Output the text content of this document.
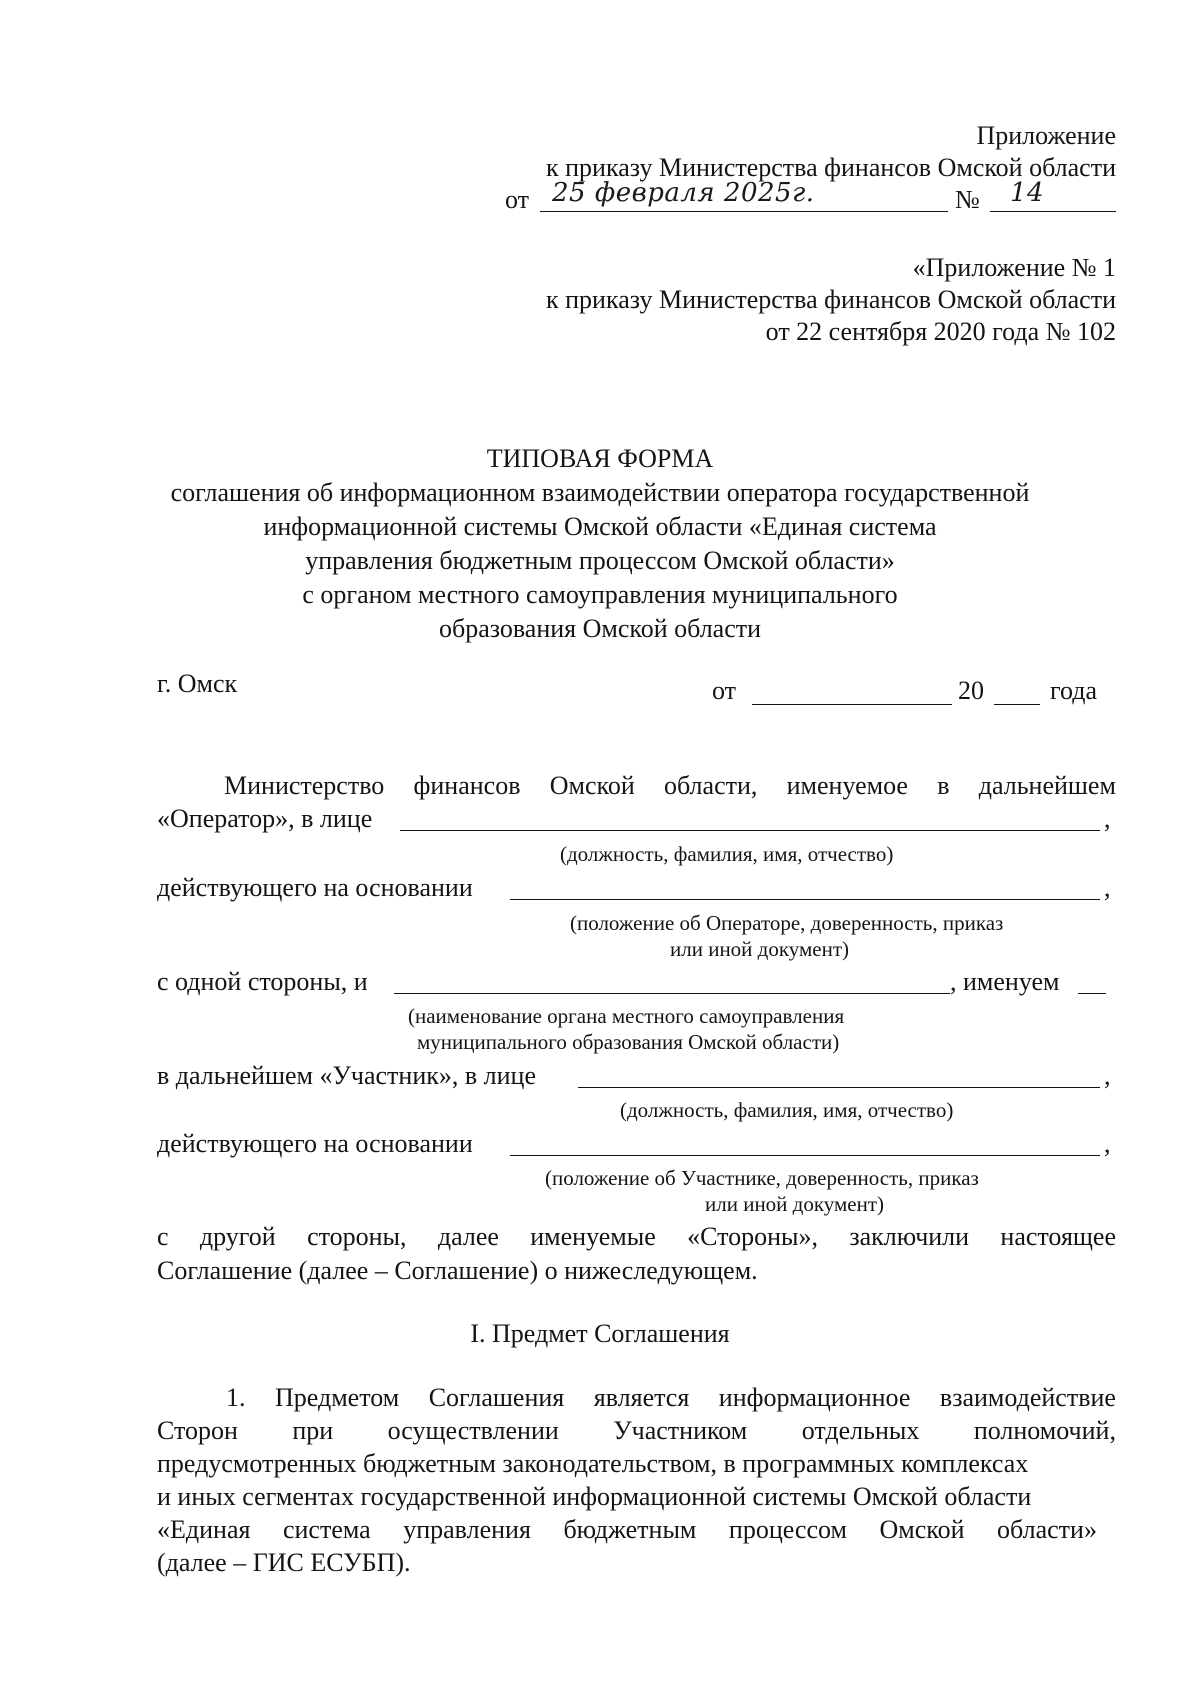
Приложение
к приказу Министерства финансов Омской области
от 25 февраля 2025г.	№ 14
«Приложение № 1
к приказу Министерства финансов Омской области
от 22 сентября 2020 года № 102
ТИПОВАЯ ФОРМА
соглашения об информационном взаимодействии оператора государственной
информационной системы Омской области «Единая система
управления бюджетным процессом Омской области»
с органом местного самоуправления муниципального
образования Омской области
г. Омск	от	20	года
Министерство финансов Омской области, именуемое в дальнейшем
«Оператор», в лице	,
(должность, фамилия, имя, отчество)
действующего на основании	,
(положение об Операторе, доверенность, приказ
или иной документ)
с одной стороны, и	, именуем
(наименование органа местного самоуправления
муниципального образования Омской области)
в дальнейшем «Участник», в лице	,
(должность, фамилия, имя, отчество)
действующего на основании	,
(положение об Участнике, доверенность, приказ
или иной документ)
с другой стороны, далее именуемые «Стороны», заключили настоящее
Соглашение (далее – Соглашение) о нижеследующем.
I. Предмет Соглашения
1. Предметом Соглашения является информационное взаимодействие
Сторон при осуществлении Участником отдельных полномочий,
предусмотренных бюджетным законодательством, в программных комплексах
и иных сегментах государственной информационной системы Омской области
«Единая система управления бюджетным процессом Омской области»
(далее – ГИС ЕСУБП).
